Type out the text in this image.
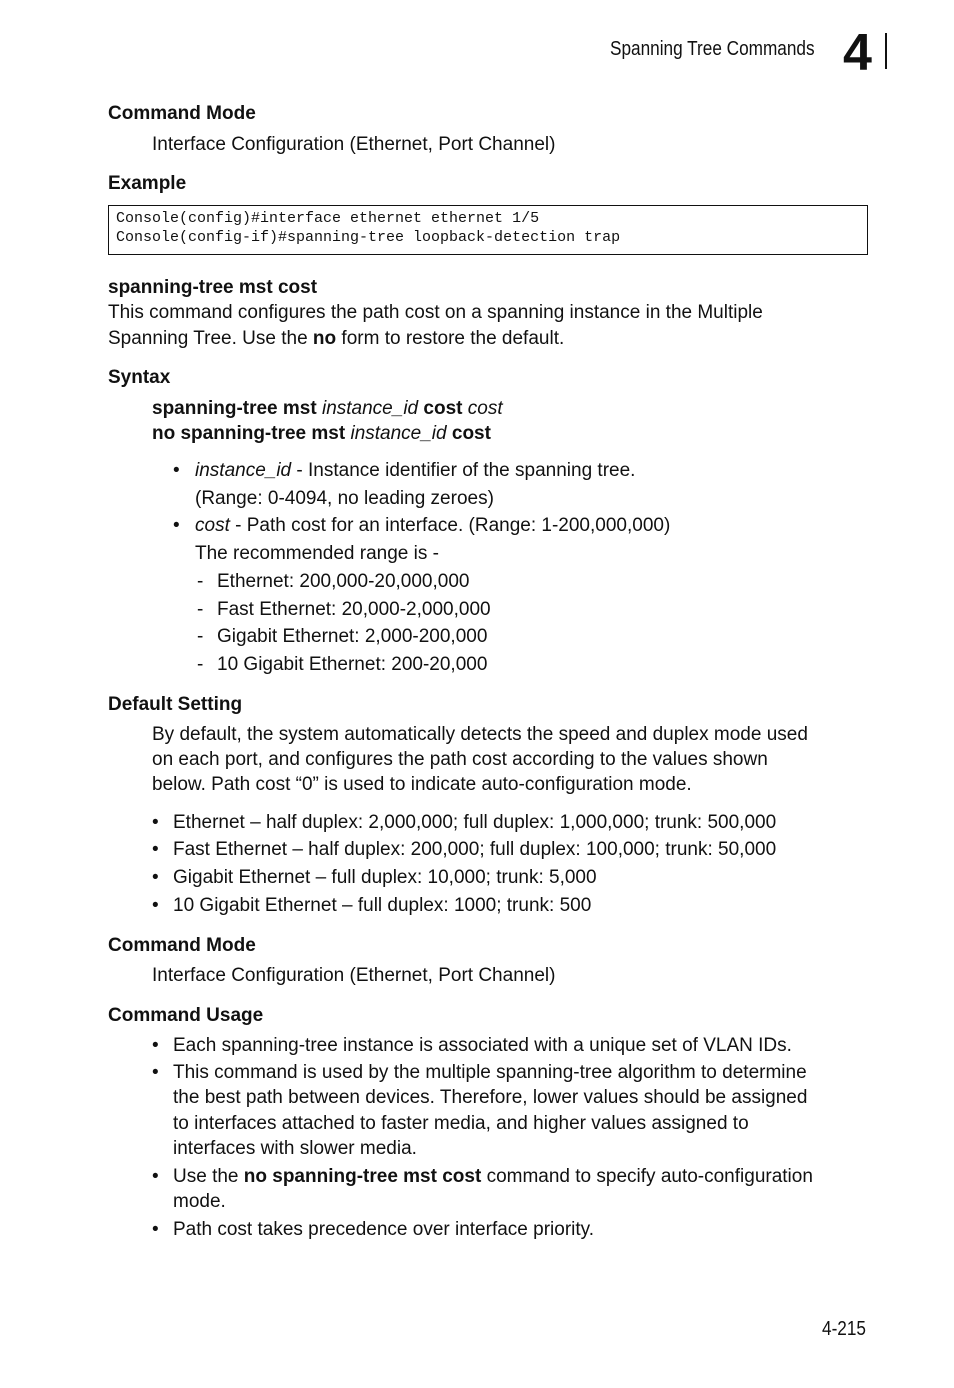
Spanning Tree Commands 4
Command Mode
Interface Configuration (Ethernet, Port Channel)
Example
Console(config)#interface ethernet ethernet 1/5
Console(config-if)#spanning-tree loopback-detection trap
spanning-tree mst cost
This command configures the path cost on a spanning instance in the Multiple
Spanning Tree. Use the no form to restore the default.
Syntax
spanning-tree mst instance_id cost cost
no spanning-tree mst instance_id cost
• instance_id - Instance identifier of the spanning tree.
(Range: 0-4094, no leading zeroes)
• cost - Path cost for an interface. (Range: 1-200,000,000)
The recommended range is -
- Ethernet: 200,000-20,000,000
- Fast Ethernet: 20,000-2,000,000
- Gigabit Ethernet: 2,000-200,000
- 10 Gigabit Ethernet: 200-20,000
Default Setting
By default, the system automatically detects the speed and duplex mode used
on each port, and configures the path cost according to the values shown
below. Path cost “0” is used to indicate auto-configuration mode.
• Ethernet – half duplex: 2,000,000; full duplex: 1,000,000; trunk: 500,000
• Fast Ethernet – half duplex: 200,000; full duplex: 100,000; trunk: 50,000
• Gigabit Ethernet – full duplex: 10,000; trunk: 5,000
• 10 Gigabit Ethernet – full duplex: 1000; trunk: 500
Command Mode
Interface Configuration (Ethernet, Port Channel)
Command Usage
• Each spanning-tree instance is associated with a unique set of VLAN IDs.
• This command is used by the multiple spanning-tree algorithm to determine
the best path between devices. Therefore, lower values should be assigned
to interfaces attached to faster media, and higher values assigned to
interfaces with slower media.
• Use the no spanning-tree mst cost command to specify auto-configuration
mode.
• Path cost takes precedence over interface priority.
4-215
